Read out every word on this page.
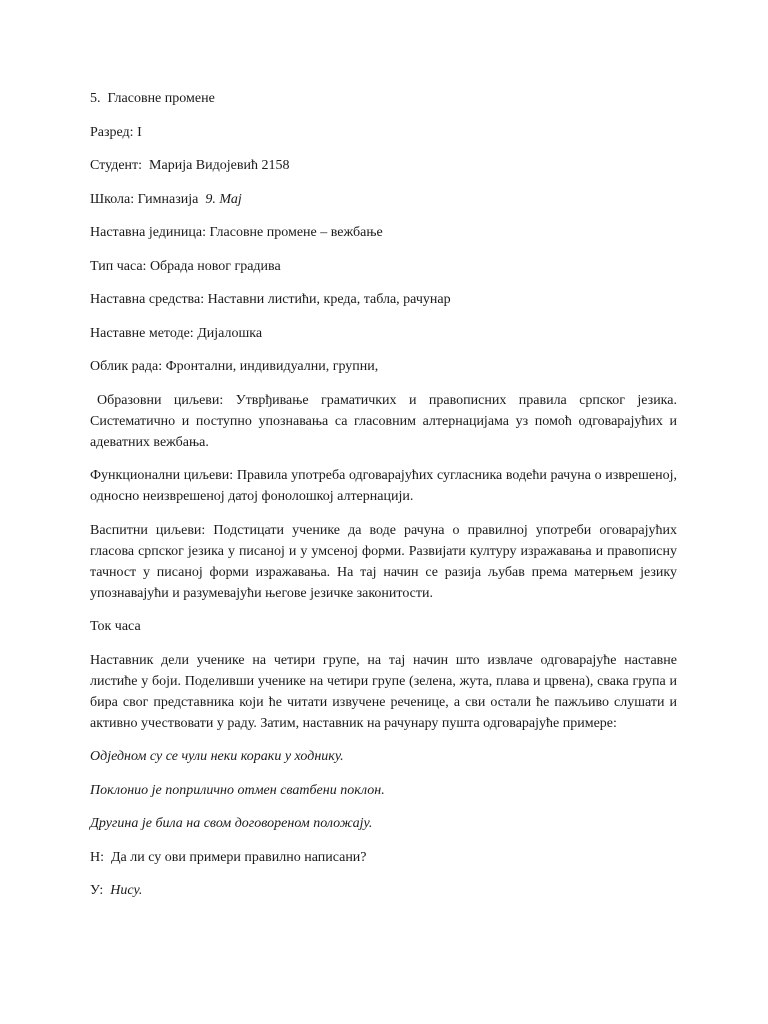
5. Гласовне промене

Разред: I

Студент: Марија Видојевић 2158

Школа: Гимназија 9. Мај

Наставна јединица: Гласовне промене – вежбање

Тип часа: Обрада новог градива

Наставна средства: Наставни листићи, креда, табла, рачунар

Наставне методе: Дијалошка

Облик рада: Фронтални, индивидуални, групни,

Образовни циљеви: Утврђивање граматичких и правописних правила српског језика. Систематично и поступно упознавања са гласовним алтернацијама уз помоћ одговарајућих и адеватних вежбања.

Функционални циљеви: Правила употреба одговарајућих сугласника водећи рачуна о изврешеној, односно неизврешеној датој фонолошкој алтернацији.

Васпитни циљеви: Подстицати ученике да воде рачуна о правилној употреби оговарајућих гласова српског језика у писаној и у умсеној форми. Развијати културу изражавања и правописну тачност у писаној форми изражавања. На тај начин се разија љубав према матерњем језику упознавајући и разумевајући његове језичке законитости.

Ток часа

Наставник дели ученике на четири групе, на тај начин што извлаче одговарајуће наставне листиће у боји. Поделивши ученике на четири групе (зелена, жута, плава и црвена), свака група и бира свог представника који ће читати извучене реченице, а сви остали ће пажљиво слушати и активно учествовати у раду. Затим, наставник на рачунару пушта одговарајуће примере:

Одједном су се чули неки кораки у ходнику.

Поклонио је поприлично отмен сватбени поклон.

Другина је била на свом договореном положају.

Н: Да ли су ови примери правилно написани?

У: Нису.
